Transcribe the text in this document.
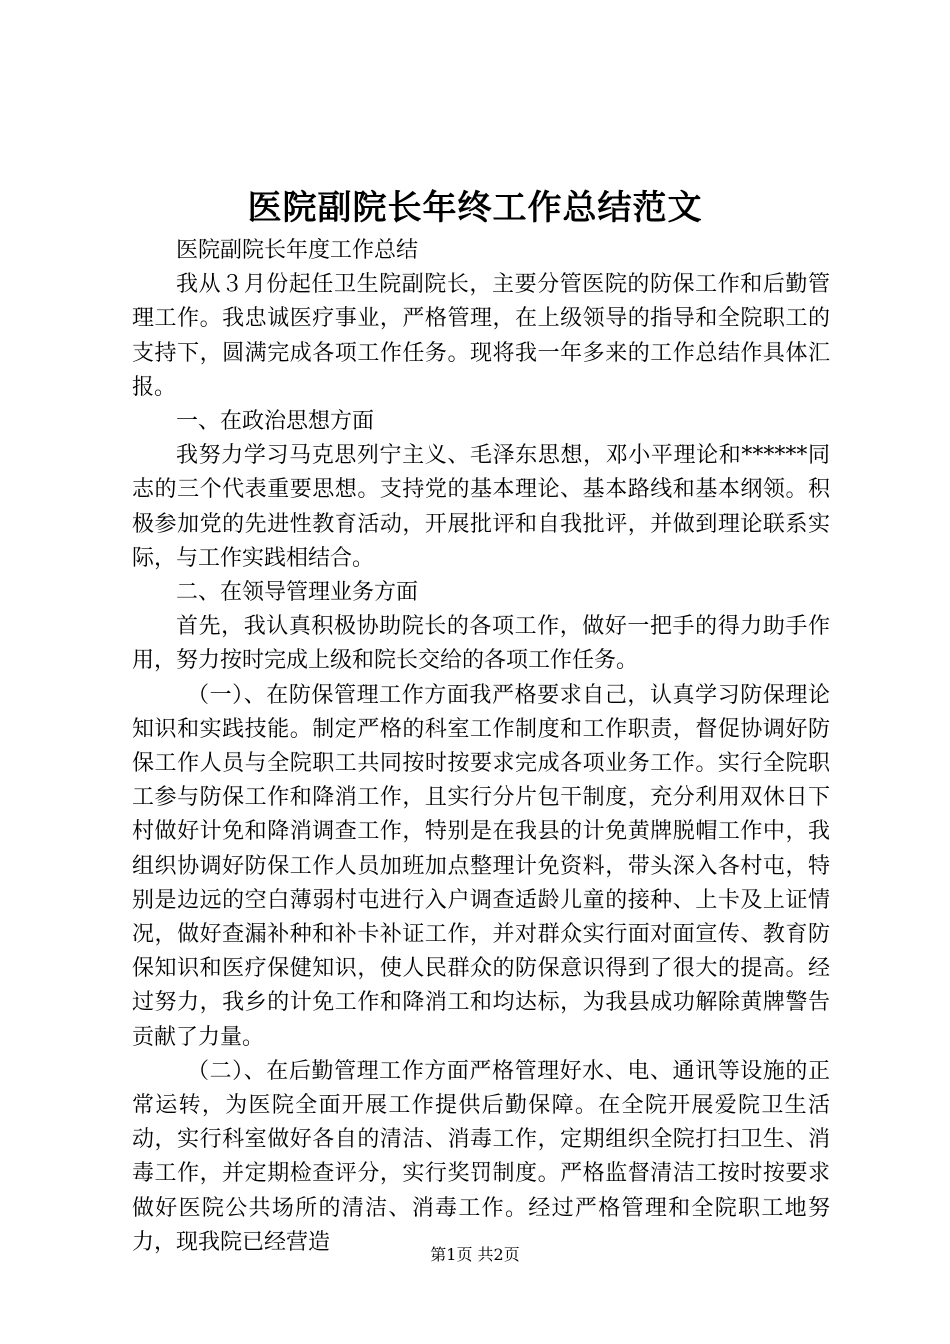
医院副院长年终工作总结范文

医院副院长年度工作总结

我从３月份起任卫生院副院长，主要分管医院的防保工作和后勤管理工作。我忠诚医疗事业，严格管理，在上级领导的指导和全院职工的支持下，圆满完成各项工作任务。现将我一年多来的工作总结作具体汇报。

一、在政治思想方面

我努力学习马克思列宁主义、毛泽东思想，邓小平理论和******同志的三个代表重要思想。支持党的基本理论、基本路线和基本纲领。积极参加党的先进性教育活动，开展批评和自我批评，并做到理论联系实际，与工作实践相结合。

二、在领导管理业务方面

首先，我认真积极协助院长的各项工作，做好一把手的得力助手作用，努力按时完成上级和院长交给的各项工作任务。

（一）、在防保管理工作方面我严格要求自己，认真学习防保理论知识和实践技能。制定严格的科室工作制度和工作职责，督促协调好防保工作人员与全院职工共同按时按要求完成各项业务工作。实行全院职工参与防保工作和降消工作，且实行分片包干制度，充分利用双休日下村做好计免和降消调查工作，特别是在我县的计免黄牌脱帽工作中，我组织协调好防保工作人员加班加点整理计免资料，带头深入各村屯，特别是边远的空白薄弱村屯进行入户调查适龄儿童的接种、上卡及上证情况，做好查漏补种和补卡补证工作，并对群众实行面对面宣传、教育防保知识和医疗保健知识，使人民群众的防保意识得到了很大的提高。经过努力，我乡的计免工作和降消工和均达标，为我县成功解除黄牌警告贡献了力量。

（二）、在后勤管理工作方面严格管理好水、电、通讯等设施的正常运转，为医院全面开展工作提供后勤保障。在全院开展爱院卫生活动，实行科室做好各自的清洁、消毒工作，定期组织全院打扫卫生、消毒工作，并定期检查评分，实行奖罚制度。严格监督清洁工按时按要求做好医院公共场所的清洁、消毒工作。经过严格管理和全院职工地努力，现我院已经营造	第1页 共2页
